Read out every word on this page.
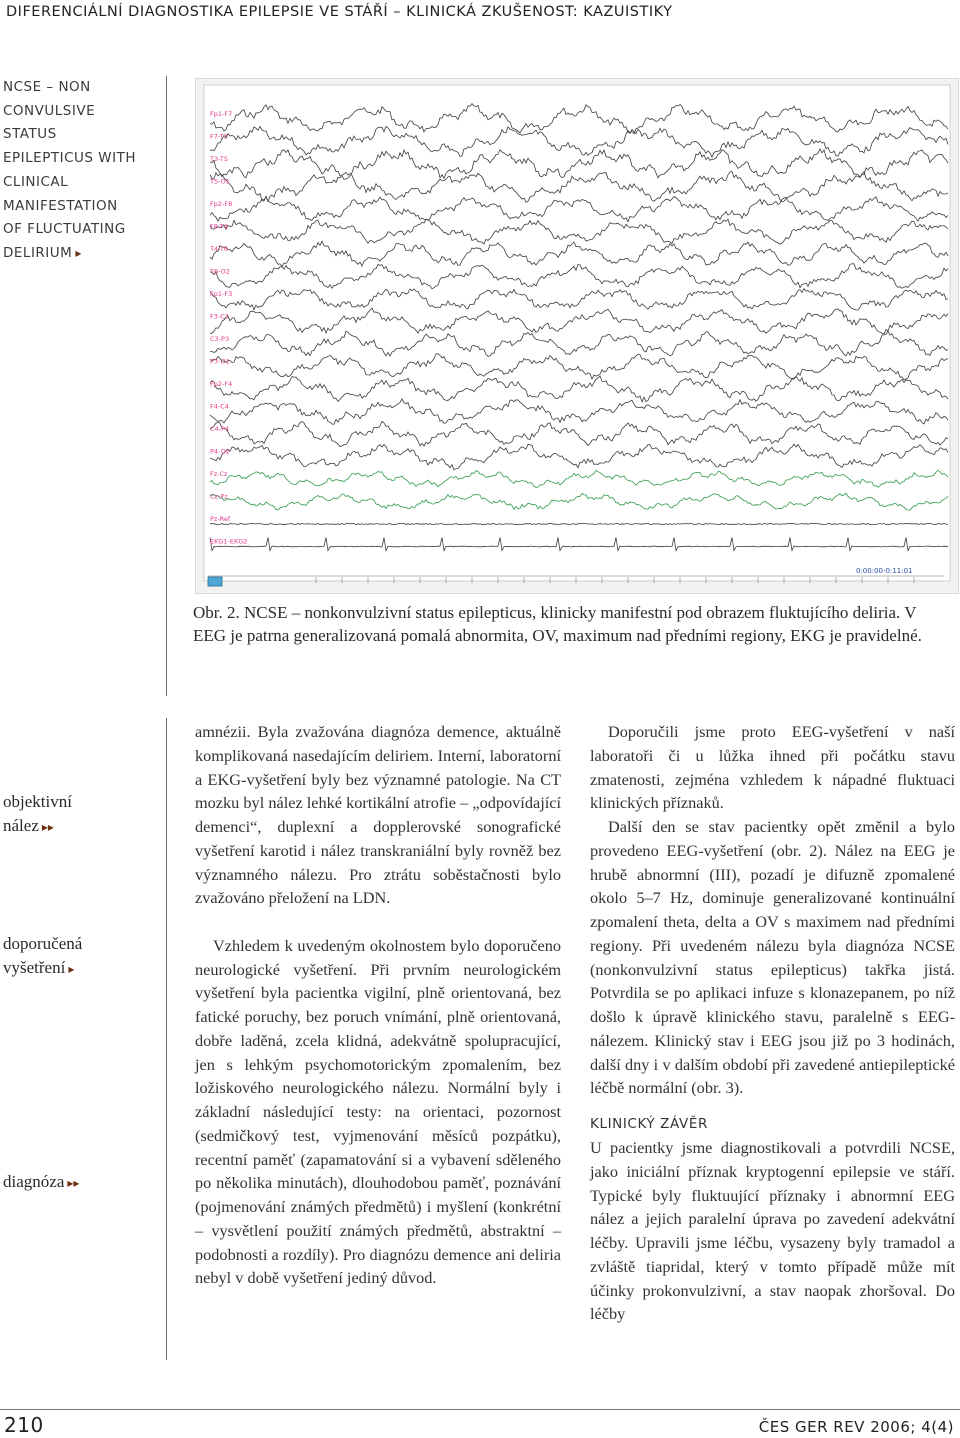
DIFERENCIÁLNÍ DIAGNOSTIKA EPILEPSIE VE STÁŘÍ – KLINICKÁ ZKUŠENOST: KAZUISTIKY
NCSE – NON
CONVULSIVE
STATUS
EPILEPTICUS WITH
CLINICAL
MANIFESTATION
OF FLUCTUATING
DELIRIUM ▸
Fp1-F7
F7-T3
T3-T5
T5-O1
Fp2-F8
F8-T4
T4-T6
T6-O2
Fp1-F3
F3-C3
C3-P3
P3-O1
Fp2-F4
F4-C4
C4-P4
P4-O2
Fz-Cz
Cz-Pz
Pz-Ref
EKG1-EKG2
0:00:00-0:11:01
Obr. 2. NCSE – nonkonvulzivní status epilepticus, klinicky manifestní pod obrazem fluktujícího deliria. V EEG je patrna generalizovaná pomalá abnormita, OV, maximum nad předními regiony, EKG je pravidelné.
objektivní
nález ▸▸
doporučená
vyšetření ▸
diagnóza ▸▸

amnézii. Byla zvažována diagnóza demence, aktuálně komplikovaná nasedajícím deliriem. Interní, laboratorní a EKG-vyšetření byly bez významné patologie. Na CT mozku byl nález lehké kortikální atrofie – „odpovídající demenci“, duplexní a dopplerovské sonografické vyšetření karotid i nález transkraniální byly rovněž bez významného nálezu. Pro ztrátu soběstačnosti bylo zvažováno přeložení na LDN.

Vzhledem k uvedeným okolnostem bylo doporučeno neurologické vyšetření. Při prvním neurologickém vyšetření byla pacientka vigilní, plně orientovaná, bez fatické poruchy, bez poruch vnímání, plně orientovaná, dobře laděná, zcela klidná, adekvátně spolupracující, jen s lehkým psychomotorickým zpomalením, bez ložiskového neurologického nálezu. Normální byly i základní následující testy: na orientaci, pozornost (sedmičkový test, vyjmenování měsíců pozpátku), recentní paměť (zapamatování si a vybavení sděleného po několika minutách), dlouhodobou paměť, poznávání (pojmenování známých předmětů) i myšlení (konkrétní – vysvětlení použití známých předmětů, abstraktní – podobnosti a rozdíly). Pro diagnózu demence ani deliria nebyl v době vyšetření jediný důvod.

Doporučili jsme proto EEG-vyšetření v naší laboratoři či u lůžka ihned při počátku stavu zmatenosti, zejména vzhledem k nápadné fluktuaci klinických příznaků.

Další den se stav pacientky opět změnil a bylo provedeno EEG-vyšetření (obr. 2). Nález na EEG je hrubě abnormní (III), pozadí je difuzně zpomalené okolo 5–7 Hz, dominuje generalizované kontinuální zpomalení theta, delta a OV s maximem nad předními regiony. Při uvedeném nálezu byla diagnóza NCSE (nonkonvulzivní status epilepticus) takřka jistá. Potvrdila se po aplikaci infuze s klonazepanem, po níž došlo k úpravě klinického stavu, paralelně s EEG-nálezem. Klinický stav i EEG jsou již po 3 hodinách, další dny i v dalším období při zavedené antiepileptické léčbě normální (obr. 3).

KLINICKÝ ZÁVĚR

U pacientky jsme diagnostikovali a potvrdili NCSE, jako iniciální příznak kryptogenní epilepsie ve stáří. Typické byly fluktuující příznaky i abnormní EEG nález a jejich paralelní úprava po zavedení adekvátní léčby. Upravili jsme léčbu, vysazeny byly tramadol a zvláště tiapridal, který v tomto případě může mít účinky prokonvulzivní, a stav naopak zhoršoval. Do léčby

210	ČES GER REV 2006; 4(4)
